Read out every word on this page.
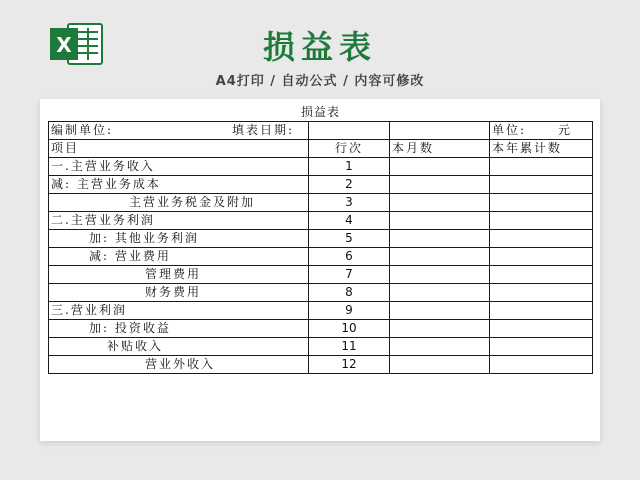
X	损益表
A4打印 / 自动公式 / 内容可修改
损益表			
编制单位: 填表日期:			单位: 元

项目	行次	本月数	本年累计数
一.主营业务收入	1		
减: 主营业务成本	2		
主营业务税金及附加	3		
二.主营业务利润	4		
加: 其他业务利润	5		
减: 营业费用	6		
管理费用	7		
财务费用	8		
三.营业利润	9		
加: 投资收益	10		
补贴收入	11		
营业外收入	12		
